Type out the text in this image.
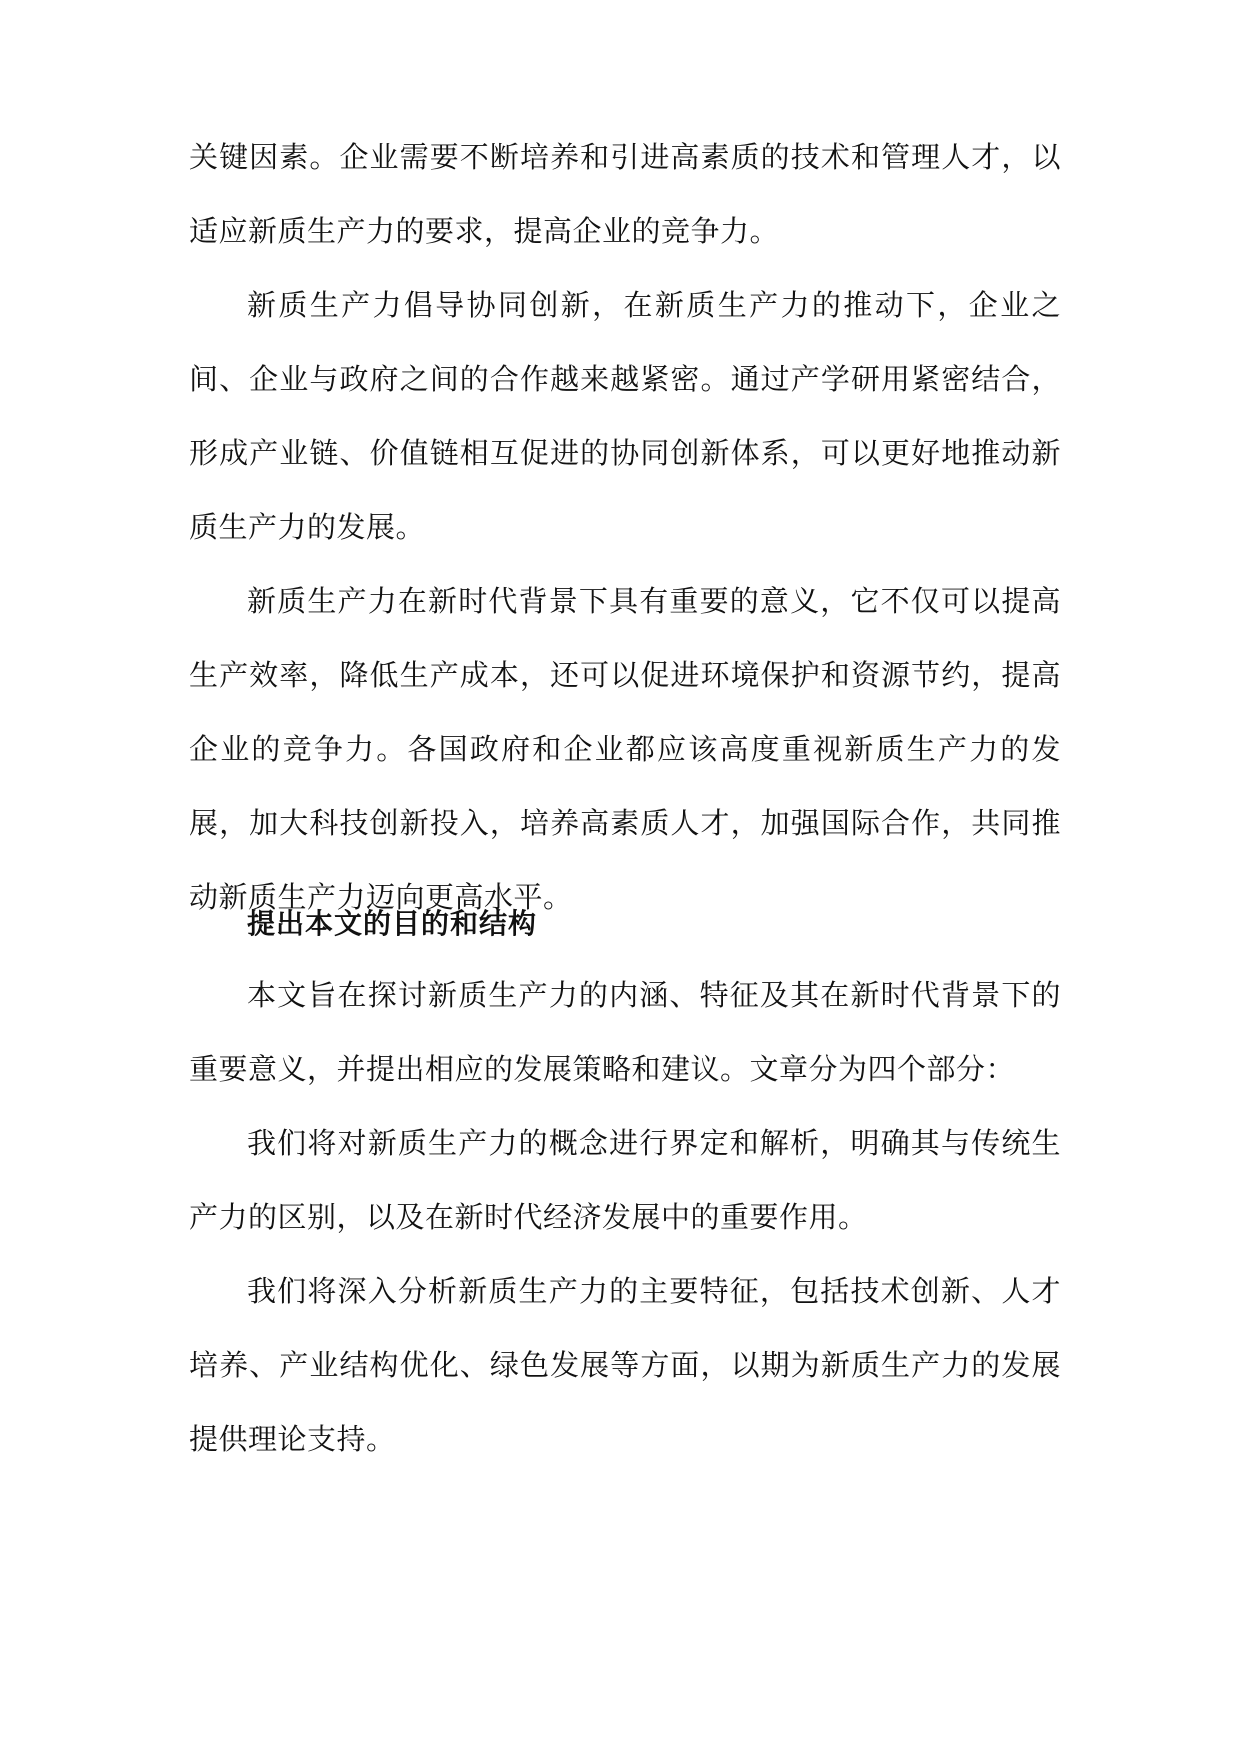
关键因素。企业需要不断培养和引进高素质的技术和管理人才，以适应新质生产力的要求，提高企业的竞争力。

新质生产力倡导协同创新，在新质生产力的推动下，企业之间、企业与政府之间的合作越来越紧密。通过产学研用紧密结合，形成产业链、价值链相互促进的协同创新体系，可以更好地推动新质生产力的发展。

新质生产力在新时代背景下具有重要的意义，它不仅可以提高生产效率，降低生产成本，还可以促进环境保护和资源节约，提高企业的竞争力。各国政府和企业都应该高度重视新质生产力的发展，加大科技创新投入，培养高素质人才，加强国际合作，共同推动新质生产力迈向更高水平。

提出本文的目的和结构

本文旨在探讨新质生产力的内涵、特征及其在新时代背景下的重要意义，并提出相应的发展策略和建议。文章分为四个部分：

我们将对新质生产力的概念进行界定和解析，明确其与传统生产力的区别，以及在新时代经济发展中的重要作用。

我们将深入分析新质生产力的主要特征，包括技术创新、人才培养、产业结构优化、绿色发展等方面，以期为新质生产力的发展提供理论支持。
